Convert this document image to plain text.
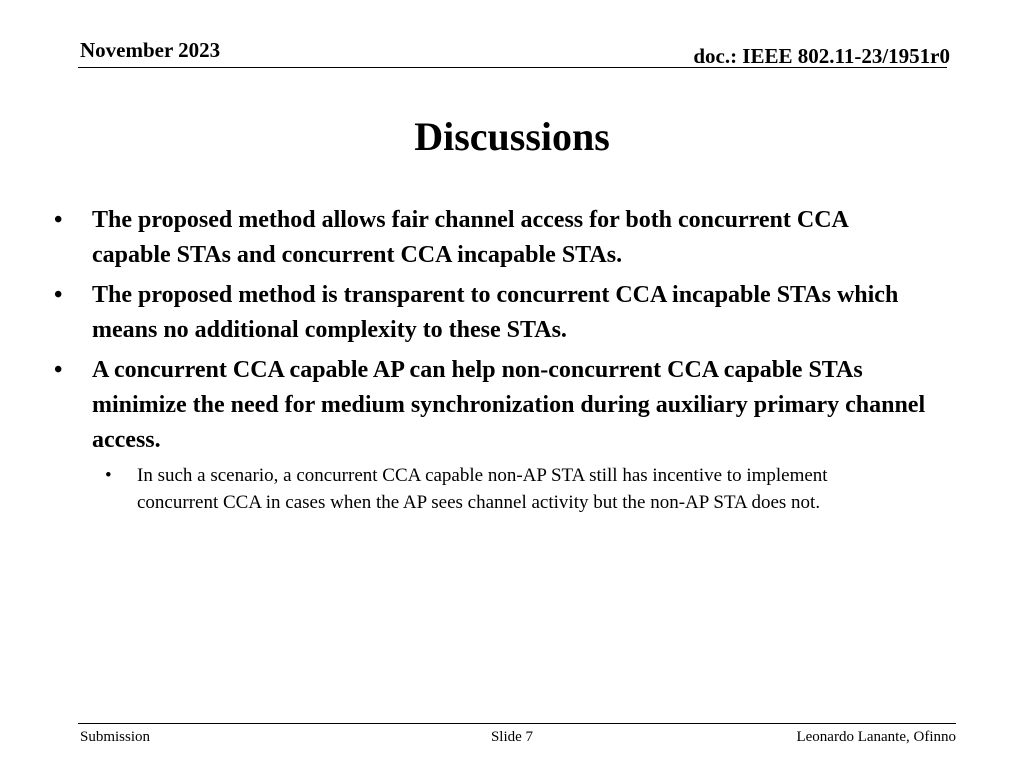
November 2023	doc.: IEEE 802.11-23/1951r0
Discussions
• The proposed method allows fair channel access for both concurrent CCA capable STAs and concurrent CCA incapable STAs.
• The proposed method is transparent to concurrent CCA incapable STAs which means no additional complexity to these STAs.
• A concurrent CCA capable AP can help non-concurrent CCA capable STAs minimize the need for medium synchronization during auxiliary primary channel access.
• In such a scenario, a concurrent CCA capable non-AP STA still has incentive to implement concurrent CCA in cases when the AP sees channel activity but the non-AP STA does not.
Submission	Slide 7	Leonardo Lanante, Ofinno
